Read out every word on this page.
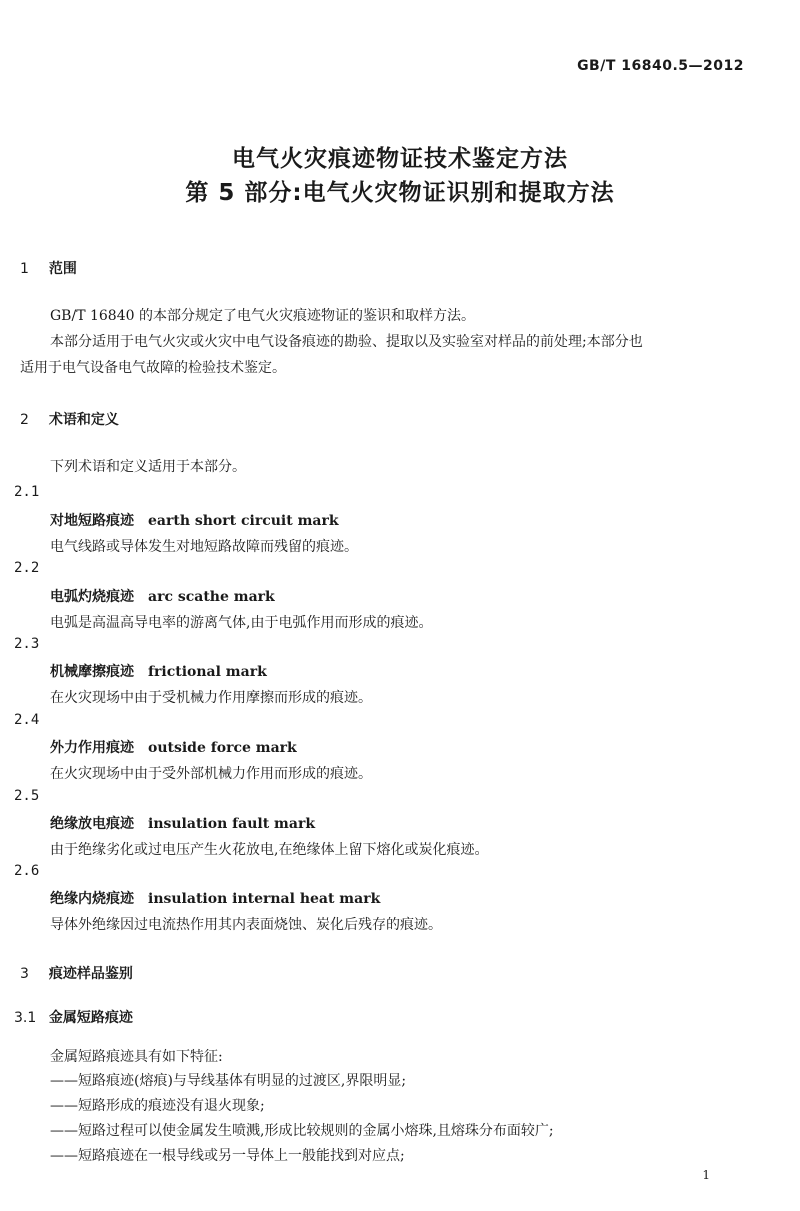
GB/T 16840.5—2012
电气火灾痕迹物证技术鉴定方法
第 5 部分:电气火灾物证识别和提取方法
1 范围
GB/T 16840 的本部分规定了电气火灾痕迹物证的鉴识和取样方法。
本部分适用于电气火灾或火灾中电气设备痕迹的勘验、提取以及实验室对样品的前处理;本部分也
适用于电气设备电气故障的检验技术鉴定。
2 术语和定义
下列术语和定义适用于本部分。
2.1
对地短路痕迹 earth short circuit mark
电气线路或导体发生对地短路故障而残留的痕迹。
2.2
电弧灼烧痕迹 arc scathe mark
电弧是高温高导电率的游离气体,由于电弧作用而形成的痕迹。
2.3
机械摩擦痕迹 frictional mark
在火灾现场中由于受机械力作用摩擦而形成的痕迹。
2.4
外力作用痕迹 outside force mark
在火灾现场中由于受外部机械力作用而形成的痕迹。
2.5
绝缘放电痕迹 insulation fault mark
由于绝缘劣化或过电压产生火花放电,在绝缘体上留下熔化或炭化痕迹。
2.6
绝缘内烧痕迹 insulation internal heat mark
导体外绝缘因过电流热作用其内表面烧蚀、炭化后残存的痕迹。
3 痕迹样品鉴别
3.1 金属短路痕迹
金属短路痕迹具有如下特征:
——短路痕迹(熔痕)与导线基体有明显的过渡区,界限明显;
——短路形成的痕迹没有退火现象;
——短路过程可以使金属发生喷溅,形成比较规则的金属小熔珠,且熔珠分布面较广;
——短路痕迹在一根导线或另一导体上一般能找到对应点;
1
